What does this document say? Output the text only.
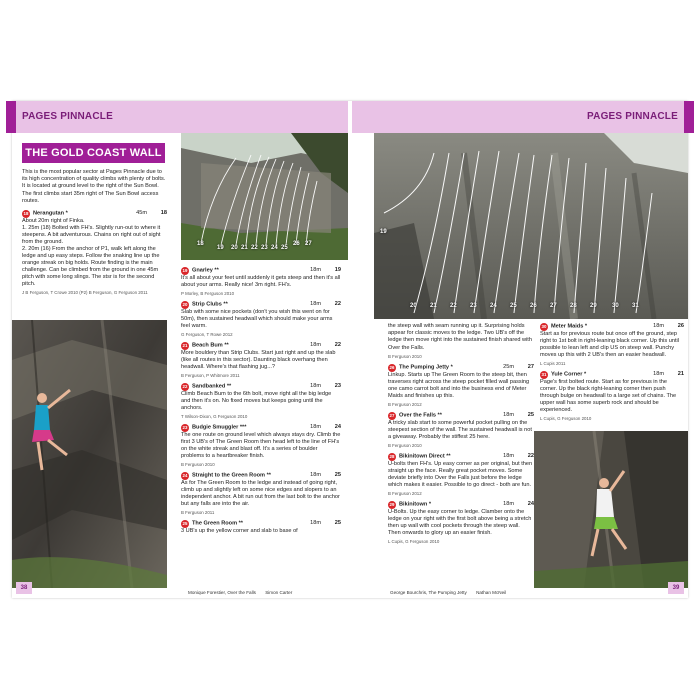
PAGES PINNACLE	PAGES PINNACLE
THE GOLD COAST WALL
This is the most popular sector at Pages Pinnacle due to its high concentration of quality climbs with plenty of bolts. It is located at ground level to the right of the Sun Bowl. The first climbs start 35m right of The Sun Bowl access routes.
18 Nerangutan *	45m 18
About 20m right of Finka.
1. 25m (18) Bolted with FH's. Slightly run-out to where it steepens. A bit adventurous. Chains on right out of sight from the ground.
2. 20m (16) From the anchor of P1, walk left along the ledge and up easy steps. Follow the snaking line up the orange streak on big holds. Route finding is the main challenge. Can be climbed from the ground in one 45m pitch with some long slings. The stsr is for the second pitch.
J B Ferguson, T Crowe 2010 (P2) B Ferguson, G Ferguson 2011
18
19 20 21 22 23 24 25
26 27
19 Gnarley **	18m 19
It's all about your feet until suddenly it gets steep and then it's all about your arms. Really nice! 3m right. FH's.
P Morley, B Ferguson 2010
20 Strip Clubs **	18m 22
Slab with some nice pockets (don't you wish this went on for 50m), then sustained headwall which should make your arms feel warm.
G Ferguson, T Rowe 2012
21 Beach Bum **	18m 22
More bouldery than Strip Clubs. Start just right and up the slab (like all routes in this sector). Daunting black overhang then headwall. Where's that flashing jug...?
B Ferguson, P Whitmore 2011
22 Sandbanked **	18m 23
Climb Beach Bum to the 6th bolt, move right all the big ledge and then it's on. No fixed moves but keeps going until the anchors.
T Wilson-Dixon, G Ferguson 2010
23 Budgie Smuggler ***	18m 24
The one route on ground level which always stays dry. Climb the first 3 UB's of The Green Room then head left to the line of FH's on the white streak and blast off. It's a series of boulder problems to a heartbreaker finish.
B Ferguson 2010
24 Straight to the Green Room **	18m 25
As for The Green Room to the ledge and instead of going right, climb up and slightly left on some nice edges and slopers to an independent anchor. A bit run out from the last bolt to the anchor but any falls are into the air.
B Ferguson 2011
25 The Green Room **	18m 25
3 UB's up the yellow corner and slab to base of
19
20 21 22 23 24 25 26 27 28 29	30 31
the steep wall with seam running up it. Surprising holds appear for classic moves to the ledge. Two UB's off the ledge then move right into the sustained finish shared with Over the Falls.
B Ferguson 2010
26 The Pumping Jetty *	25m 27
Linkup. Starts up The Green Room to the steep bit, then traverses right across the steep pocket filled wall passing one camo carrot bolt and into the business end of Meter Maids and finishes up this.
B Ferguson 2012
27 Over the Falls **	18m 25
A tricky slab start to some powerful pocket pulling on the steepest section of the wall. The sustained headwall is not a giveaway. Probably the stiffest 25 here.
B Ferguson 2010
28 Bikinitown Direct **	18m 22
U-bolts then FH's. Up easy corner as per original, but then straight up the face. Really great pocket moves. Some deviate briefly into Over the Falls just before the ledge which makes it easier. Possible to go direct - both are fun.
B Ferguson 2012
29 Bikinitown *	18m 24
U-Bolts. Up the easy corner to ledge. Clamber onto the ledge on your right with the first bolt above being a stretch then up wall with cool pockets through the steep wall. Then onwards to glory up an easier finish.
L Cupis, G Ferguson 2010
30 Meter Maids *	18m 26
Start as for previous route but once off the ground, step right to 1st bolt in right-leaning black corner. Up this until possible to lean left and clip US on steep wall. Punchy moves up this with 2 UB's then an easier headwall.
L Cupis 2011
31 Yule Corner *	18m 21
Page's first bolted route. Start as for previous in the corner. Up the black right-leaning corner then push through bulge on headwall to a large set of chains. The upper wall has some superb rock and should be experienced.
L Cupis, G Ferguson 2010
Monique Forestier, Over the Falls Simon Carter	George Bourchris, The Pumping Jetty Nathan McNeil
38	39
